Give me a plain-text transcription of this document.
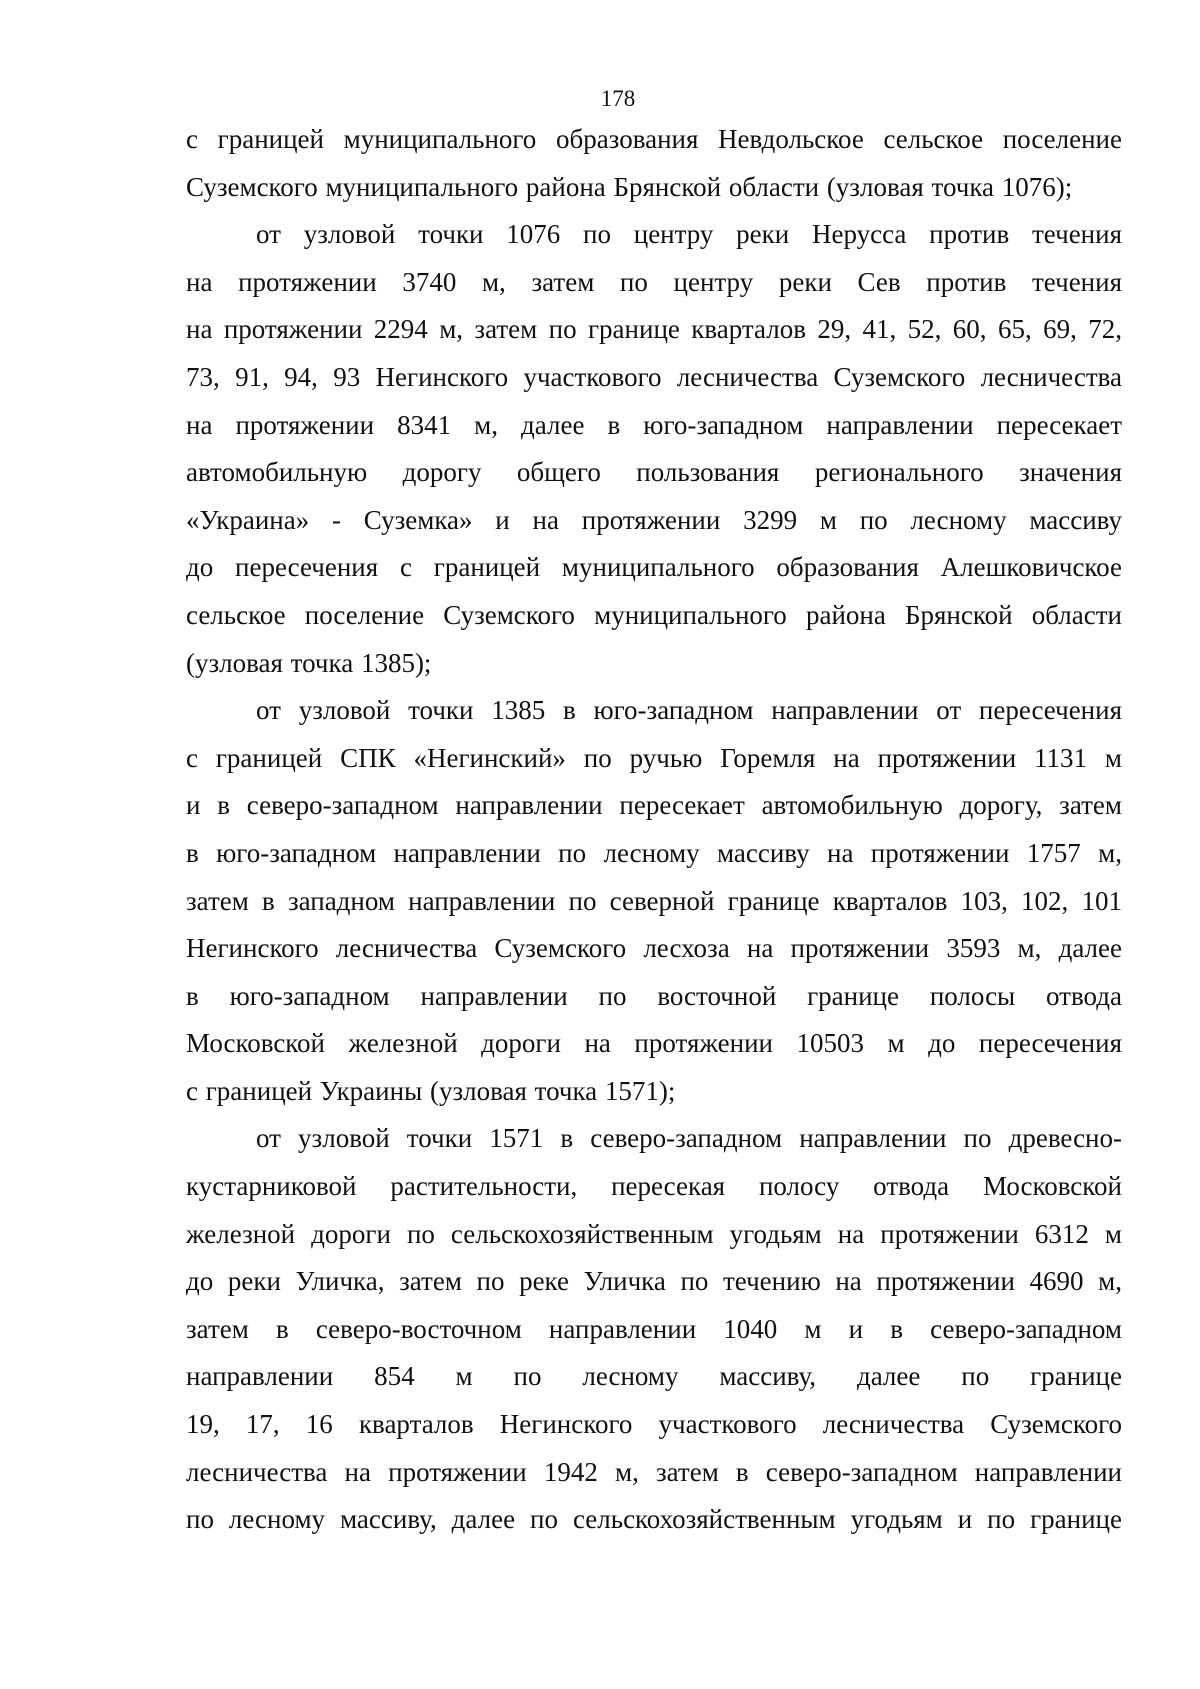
178

с границей муниципального образования Невдольское сельское поселение
Суземского муниципального района Брянской области (узловая точка 1076);

от узловой точки 1076 по центру реки Нерусса против течения
на протяжении 3740 м, затем по центру реки Сев против течения
на протяжении 2294 м, затем по границе кварталов 29, 41, 52, 60, 65, 69, 72,
73, 91, 94, 93 Негинского участкового лесничества Суземского лесничества
на протяжении 8341 м, далее в юго-западном направлении пересекает
автомобильную дорогу общего пользования регионального значения
«Украина» - Суземка» и на протяжении 3299 м по лесному массиву
до пересечения с границей муниципального образования Алешковичское
сельское поселение Суземского муниципального района Брянской области
(узловая точка 1385);

от узловой точки 1385 в юго-западном направлении от пересечения
с границей СПК «Негинский» по ручью Горемля на протяжении 1131 м
и в северо-западном направлении пересекает автомобильную дорогу, затем
в юго-западном направлении по лесному массиву на протяжении 1757 м,
затем в западном направлении по северной границе кварталов 103, 102, 101
Негинского лесничества Суземского лесхоза на протяжении 3593 м, далее
в юго-западном направлении по восточной границе полосы отвода
Московской железной дороги на протяжении 10503 м до пересечения
с границей Украины (узловая точка 1571);

от узловой точки 1571 в северо-западном направлении по древесно-
кустарниковой растительности, пересекая полосу отвода Московской
железной дороги по сельскохозяйственным угодьям на протяжении 6312 м
до реки Уличка, затем по реке Уличка по течению на протяжении 4690 м,
затем в северо-восточном направлении 1040 м и в северо-западном
направлении 854 м по лесному массиву, далее по границе
19, 17, 16 кварталов Негинского участкового лесничества Суземского
лесничества на протяжении 1942 м, затем в северо-западном направлении
по лесному массиву, далее по сельскохозяйственным угодьям и по границе
